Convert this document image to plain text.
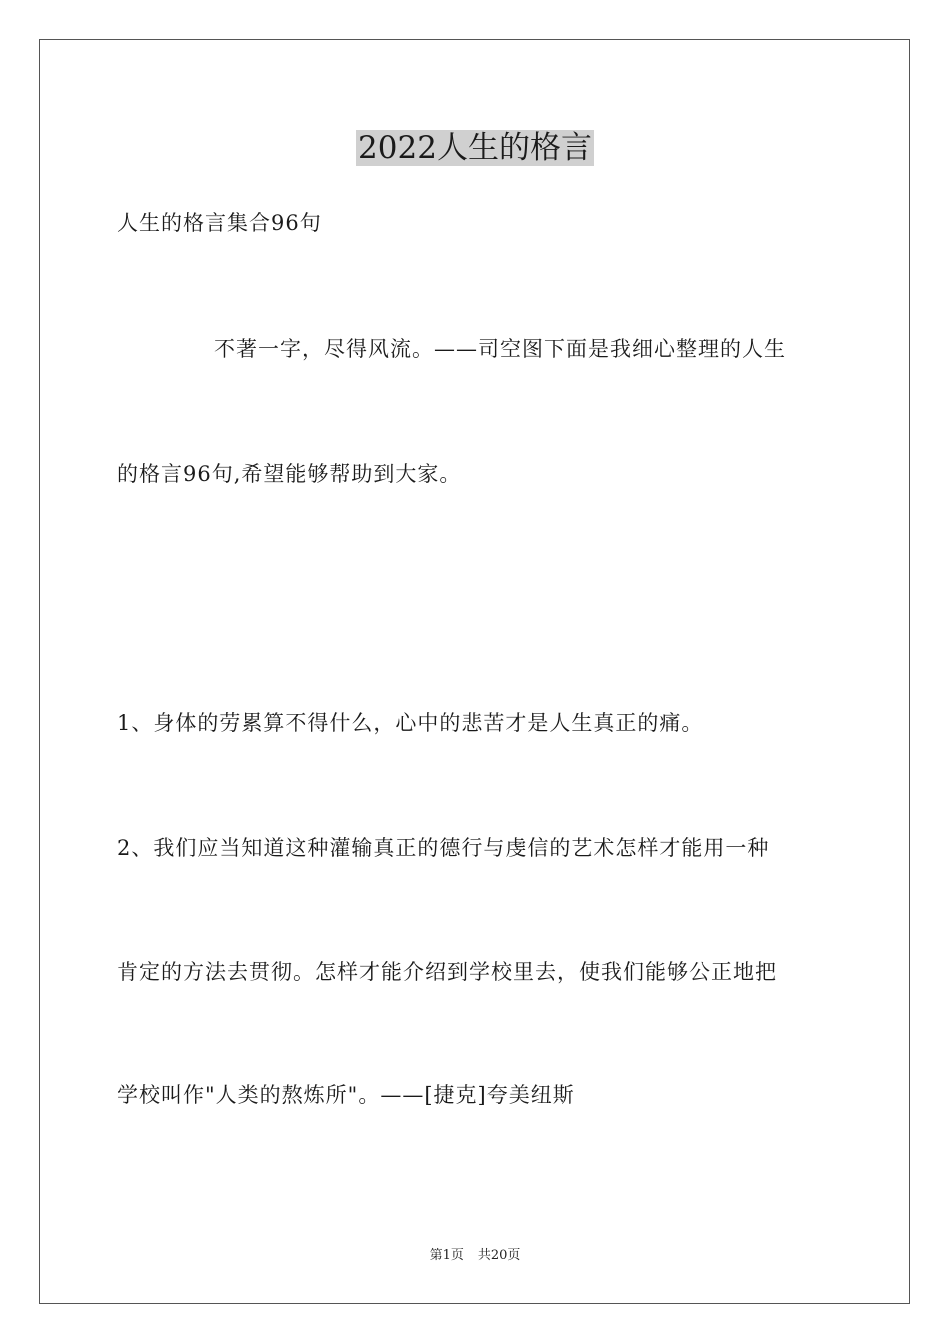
2022人生的格言

人生的格言集合96句

不著一字，尽得风流。——司空图下面是我细心整理的人生

的格言96句,希望能够帮助到大家。

1、身体的劳累算不得什么，心中的悲苦才是人生真正的痛。

2、我们应当知道这种灌输真正的德行与虔信的艺术怎样才能用一种

肯定的方法去贯彻。怎样才能介绍到学校里去，使我们能够公正地把

学校叫作"人类的熬炼所"。——[捷克]夸美纽斯

第1页 共20页
